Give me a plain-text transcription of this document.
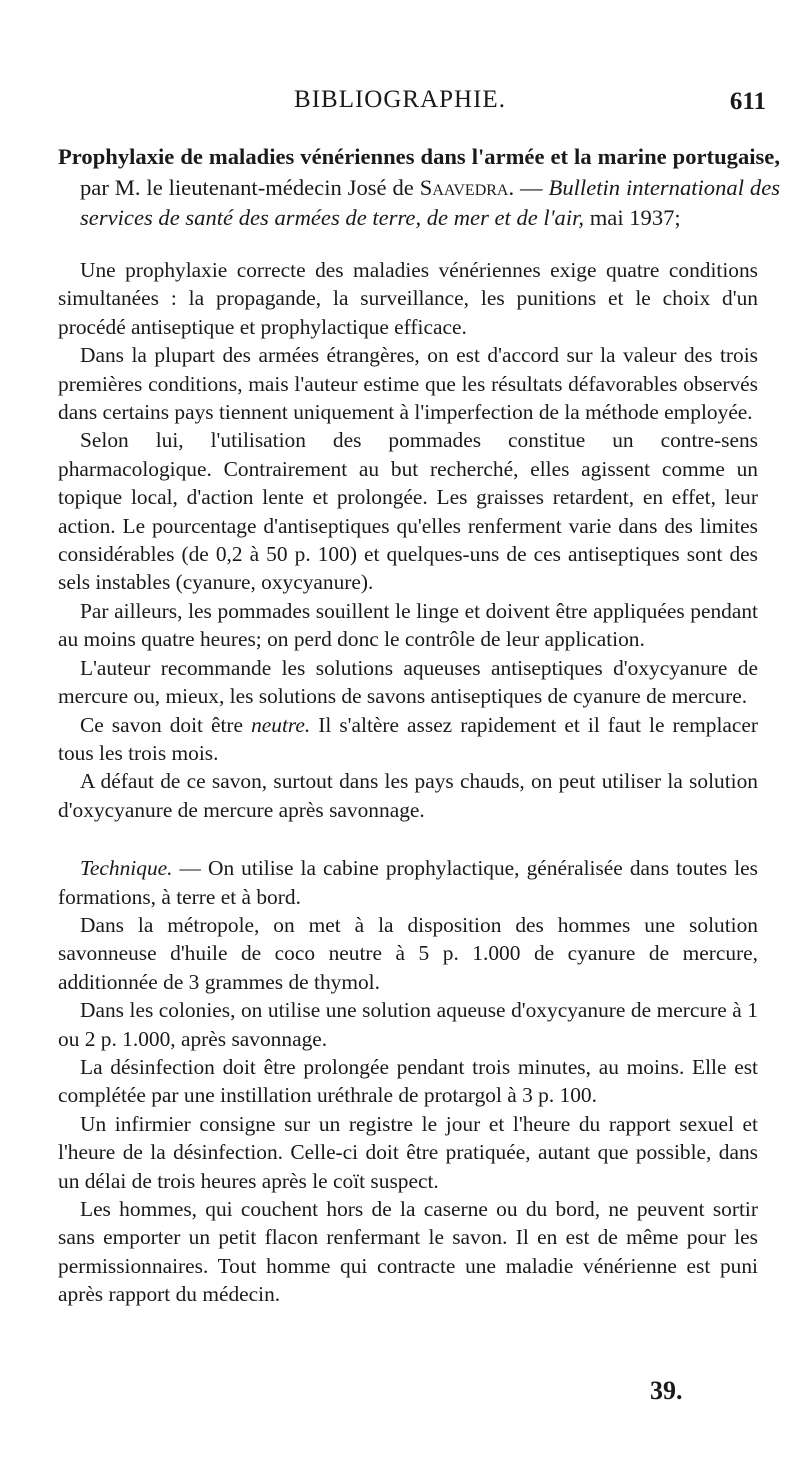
BIBLIOGRAPHIE.	611
Prophylaxie de maladies vénériennes dans l'armée et la marine portugaise, par M. le lieutenant-médecin José de Saavedra. — Bulletin international des services de santé des armées de terre, de mer et de l'air, mai 1937;

Une prophylaxie correcte des maladies vénériennes exige quatre conditions simultanées : la propagande, la surveillance, les punitions et le choix d'un procédé antiseptique et prophylactique efficace.

Dans la plupart des armées étrangères, on est d'accord sur la valeur des trois premières conditions, mais l'auteur estime que les résultats défavorables observés dans certains pays tiennent uniquement à l'imperfection de la méthode employée.

Selon lui, l'utilisation des pommades constitue un contre-sens pharmacologique. Contrairement au but recherché, elles agissent comme un topique local, d'action lente et prolongée. Les graisses retardent, en effet, leur action. Le pourcentage d'antiseptiques qu'elles renferment varie dans des limites considérables (de 0,2 à 50 p. 100) et quelques-uns de ces antiseptiques sont des sels instables (cyanure, oxycyanure).

Par ailleurs, les pommades souillent le linge et doivent être appliquées pendant au moins quatre heures; on perd donc le contrôle de leur application.

L'auteur recommande les solutions aqueuses antiseptiques d'oxycyanure de mercure ou, mieux, les solutions de savons antiseptiques de cyanure de mercure.

Ce savon doit être neutre. Il s'altère assez rapidement et il faut le remplacer tous les trois mois.

A défaut de ce savon, surtout dans les pays chauds, on peut utiliser la solution d'oxycyanure de mercure après savonnage.

Technique. — On utilise la cabine prophylactique, généralisée dans toutes les formations, à terre et à bord.

Dans la métropole, on met à la disposition des hommes une solution savonneuse d'huile de coco neutre à 5 p. 1.000 de cyanure de mercure, additionnée de 3 grammes de thymol.

Dans les colonies, on utilise une solution aqueuse d'oxycyanure de mercure à 1 ou 2 p. 1.000, après savonnage.

La désinfection doit être prolongée pendant trois minutes, au moins. Elle est complétée par une instillation uréthrale de protargol à 3 p. 100.

Un infirmier consigne sur un registre le jour et l'heure du rapport sexuel et l'heure de la désinfection. Celle-ci doit être pratiquée, autant que possible, dans un délai de trois heures après le coït suspect.

Les hommes, qui couchent hors de la caserne ou du bord, ne peuvent sortir sans emporter un petit flacon renfermant le savon. Il en est de même pour les permissionnaires. Tout homme qui contracte une maladie vénérienne est puni après rapport du médecin.

39.
